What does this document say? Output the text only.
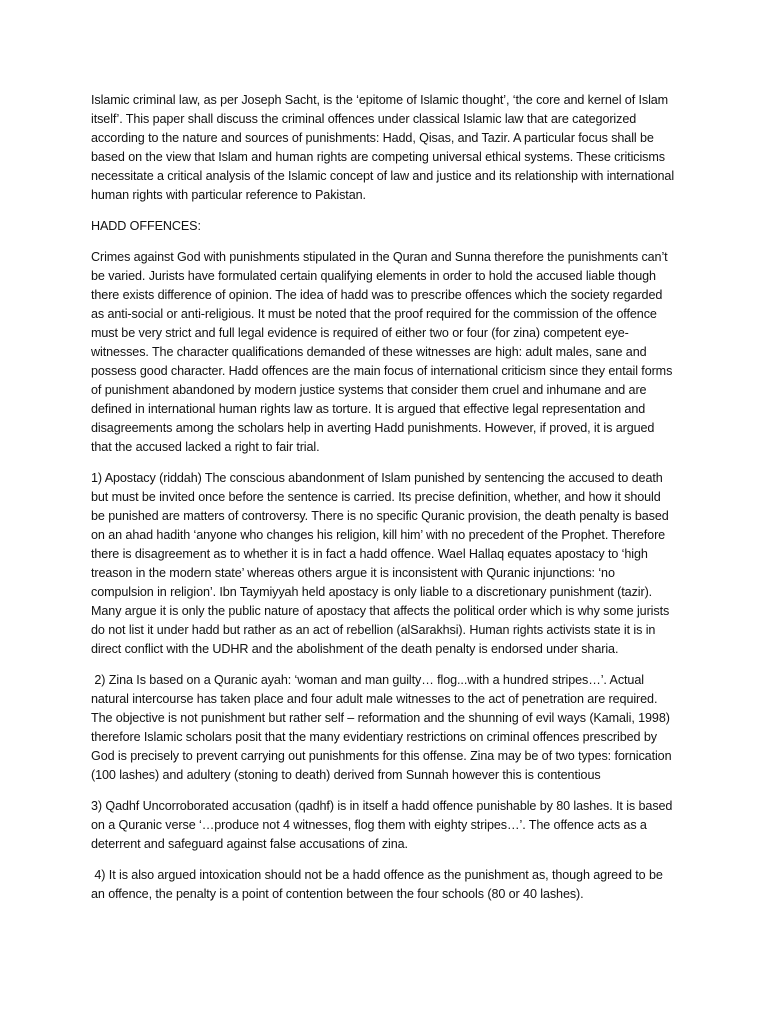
Islamic criminal law, as per Joseph Sacht, is the ‘epitome of Islamic thought’, ‘the core and kernel of Islam itself’. This paper shall discuss the criminal offences under classical Islamic law that are categorized according to the nature and sources of punishments: Hadd, Qisas, and Tazir. A particular focus shall be based on the view that Islam and human rights are competing universal ethical systems. These criticisms necessitate a critical analysis of the Islamic concept of law and justice and its relationship with international human rights with particular reference to Pakistan.

HADD OFFENCES:

Crimes against God with punishments stipulated in the Quran and Sunna therefore the punishments can’t be varied. Jurists have formulated certain qualifying elements in order to hold the accused liable though there exists difference of opinion. The idea of hadd was to prescribe offences which the society regarded as anti-social or anti-religious. It must be noted that the proof required for the commission of the offence must be very strict and full legal evidence is required of either two or four (for zina) competent eye-witnesses. The character qualifications demanded of these witnesses are high: adult males, sane and possess good character. Hadd offences are the main focus of international criticism since they entail forms of punishment abandoned by modern justice systems that consider them cruel and inhumane and are defined in international human rights law as torture. It is argued that effective legal representation and disagreements among the scholars help in averting Hadd punishments. However, if proved, it is argued that the accused lacked a right to fair trial.

1) Apostacy (riddah) The conscious abandonment of Islam punished by sentencing the accused to death but must be invited once before the sentence is carried. Its precise definition, whether, and how it should be punished are matters of controversy. There is no specific Quranic provision, the death penalty is based on an ahad hadith ‘anyone who changes his religion, kill him’ with no precedent of the Prophet. Therefore there is disagreement as to whether it is in fact a hadd offence. Wael Hallaq equates apostacy to ‘high treason in the modern state’ whereas others argue it is inconsistent with Quranic injunctions: ‘no compulsion in religion’. Ibn Taymiyyah held apostacy is only liable to a discretionary punishment (tazir). Many argue it is only the public nature of apostacy that affects the political order which is why some jurists do not list it under hadd but rather as an act of rebellion (alSarakhsi). Human rights activists state it is in direct conflict with the UDHR and the abolishment of the death penalty is endorsed under sharia.

2) Zina Is based on a Quranic ayah: ‘woman and man guilty… flog...with a hundred stripes…’. Actual natural intercourse has taken place and four adult male witnesses to the act of penetration are required. The objective is not punishment but rather self – reformation and the shunning of evil ways (Kamali, 1998) therefore Islamic scholars posit that the many evidentiary restrictions on criminal offences prescribed by God is precisely to prevent carrying out punishments for this offense. Zina may be of two types: fornication (100 lashes) and adultery (stoning to death) derived from Sunnah however this is contentious

3) Qadhf Uncorroborated accusation (qadhf) is in itself a hadd offence punishable by 80 lashes. It is based on a Quranic verse ‘…produce not 4 witnesses, flog them with eighty stripes…’. The offence acts as a deterrent and safeguard against false accusations of zina.

4) It is also argued intoxication should not be a hadd offence as the punishment as, though agreed to be an offence, the penalty is a point of contention between the four schools (80 or 40 lashes).
